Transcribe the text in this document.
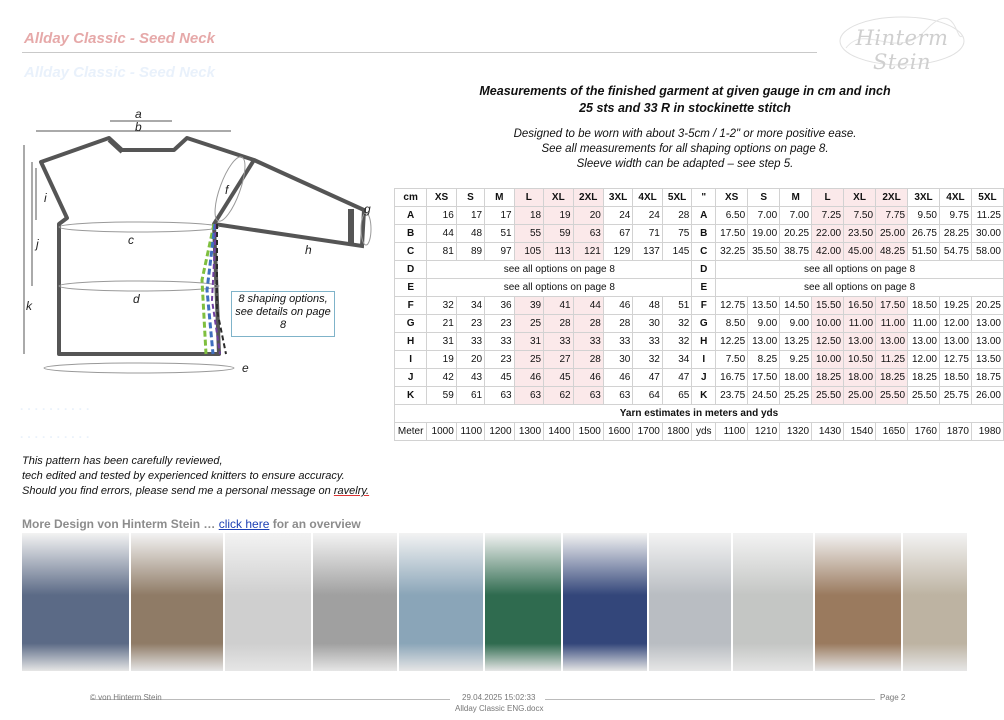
Allday Classic - Seed Neck
Allday Classic - Seed Neck
Hinterm Stein
Measurements of the finished garment at given gauge in cm and inch
25 sts and 33 R in stockinette stitch
Designed to be worn with about 3-5cm / 1-2" or more positive ease.
See all measurements for all shaping options on page 8.
Sleeve width can be adapted – see step 5.
a
b
c
d
e
f
g
h
i
j
k	8 shaping options, see details on page 8
cm	XS	S	M	L	XL	2XL	3XL	4XL	5XL	"	XS	S	M	L	XL	2XL	3XL	4XL	5XL
A	16	17	17	18	19	20	24	24	28	A	6.50	7.00	7.00	7.25	7.50	7.75	9.50	9.75	11.25
B	44	48	51	55	59	63	67	71	75	B	17.50	19.00	20.25	22.00	23.50	25.00	26.75	28.25	30.00
C	81	89	97	105	113	121	129	137	145	C	32.25	35.50	38.75	42.00	45.00	48.25	51.50	54.75	58.00
D	see all options on page 8									D	see all options on page 8								
E	see all options on page 8									E	see all options on page 8								
F	32	34	36	39	41	44	46	48	51	F	12.75	13.50	14.50	15.50	16.50	17.50	18.50	19.25	20.25
G	21	23	23	25	28	28	28	30	32	G	8.50	9.00	9.00	10.00	11.00	11.00	11.00	12.00	13.00
H	31	33	33	31	33	33	33	33	32	H	12.25	13.00	13.25	12.50	13.00	13.00	13.00	13.00	13.00
I	19	20	23	25	27	28	30	32	34	I	7.50	8.25	9.25	10.00	10.50	11.25	12.00	12.75	13.50
J	42	43	45	46	45	46	46	47	47	J	16.75	17.50	18.00	18.25	18.00	18.25	18.25	18.50	18.75
K	59	61	63	63	62	63	63	64	65	K	23.75	24.50	25.25	25.50	25.00	25.50	25.50	25.75	26.00
Yarn estimates in meters and yds																			
Meter	1000	1100	1200	1300	1400	1500	1600	1700	1800	yds	1100	1210	1320	1430	1540	1650	1760	1870	1980
· · · · · · · · · ·
· · · · · · · · · ·
This pattern has been carefully reviewed,
tech edited and tested by experienced knitters to ensure accuracy.
Should you find errors, please send me a personal message on ravelry.
More Design von Hinterm Stein … click here for an overview
© von Hinterm Stein	29.04.2025 15:02:33
Allday Classic ENG.docx
Page 2
